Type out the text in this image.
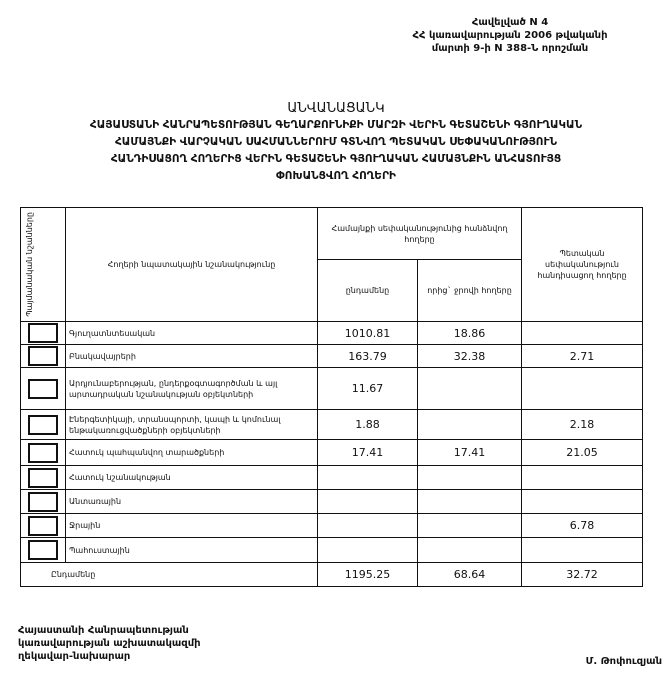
Հավելված N 4
ՀՀ կառավարության 2006 թվականի
մարտի 9-ի N 388-Ն որոշման
ԱՆՎԱՆԱՑԱՆԿ
ՀԱՅԱՍՏԱՆԻ ՀԱՆՐԱՊԵՏՈՒԹՅԱՆ ԳԵՂԱՐՔՈՒՆԻՔԻ ՄԱՐԶԻ ՎԵՐԻՆ ԳԵՏԱՇԵՆԻ ԳՅՈՒՂԱԿԱՆ
ՀԱՄԱՅՆՔԻ ՎԱՐՉԱԿԱՆ ՍԱՀՄԱՆՆԵՐՈՒՄ ԳՏՆՎՈՂ ՊԵՏԱԿԱՆ ՍԵՓԱԿԱՆՈՒԹՅՈՒՆ
ՀԱՆԴԻՍԱՑՈՂ ՀՈՂԵՐԻՑ ՎԵՐԻՆ ԳԵՏԱՇԵՆԻ ԳՅՈՒՂԱԿԱՆ ՀԱՄԱՅՆՔԻՆ ԱՆՀԱՏՈՒՅՑ
ՓՈԽԱՆՑՎՈՂ ՀՈՂԵՐԻ
Պայմանական նշանները	Հողերի նպատակային նշանակությունը	Համայնքի սեփականությունից հանձնվող հողերը		Պետական սեփականություն հանդիսացող հողերը
		ընդամենը	որից` ջրովի հողերը	
	Գյուղատնտեսական	1010.81	18.86	
	Բնակավայրերի	163.79	32.38	2.71
	Արդյունաբերության, ընդերքօգտագործման և այլ արտադրական նշանակության օբյեկտների	11.67		
	Էներգետիկայի, տրանսպորտի, կապի և կոմունալ ենթակառուցվածքների օբյեկտների	1.88		2.18
	Հատուկ պահպանվող տարածքների	17.41	17.41	21.05
	Հատուկ նշանակության			
	Անտառային			
	Ջրային			6.78
	Պահուստային			
Ընդամենը		1195.25	68.64	32.72
Հայաստանի Հանրապետության
կառավարության աշխատակազմի
ղեկավար-նախարար	Մ. Թոփուզյան
